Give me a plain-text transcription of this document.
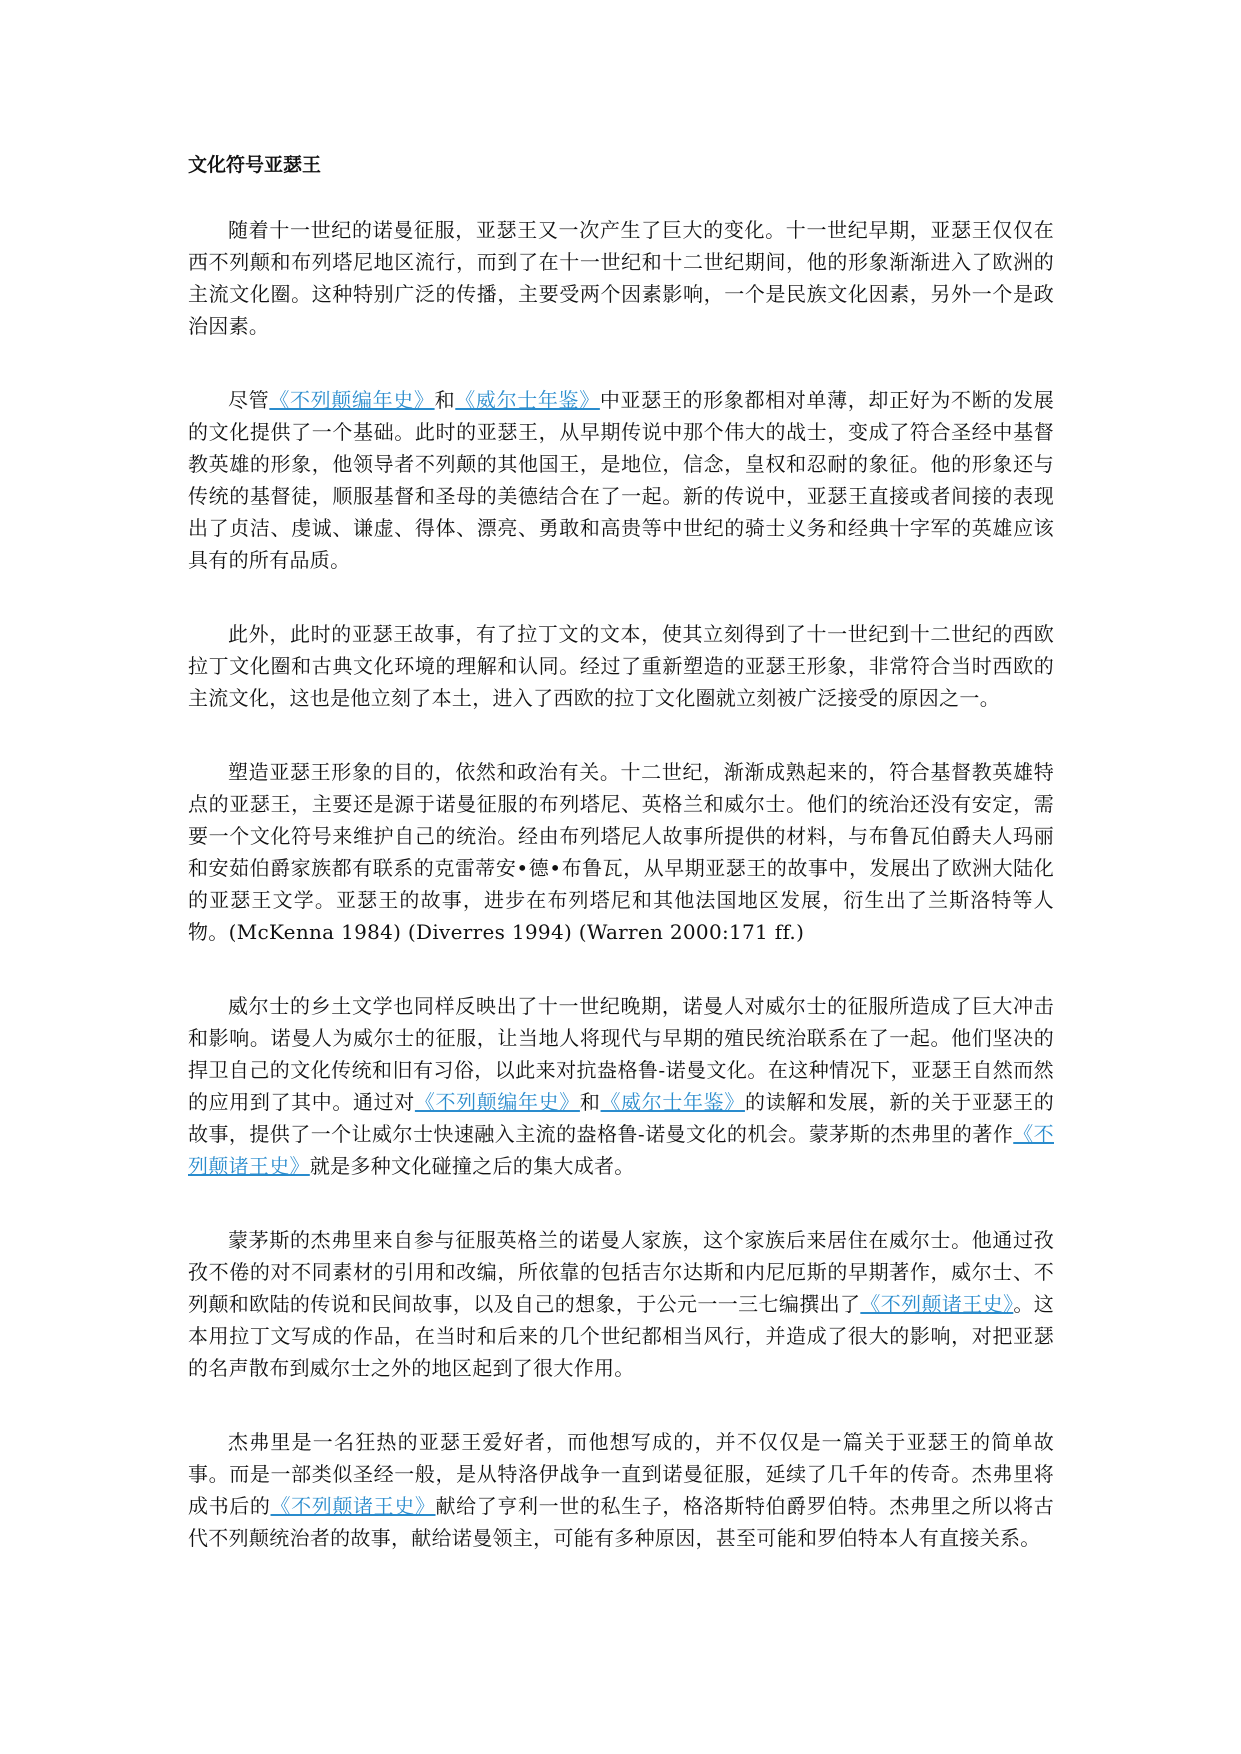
文化符号亚瑟王

随着十一世纪的诺曼征服，亚瑟王又一次产生了巨大的变化。十一世纪早期，亚瑟王仅仅在西不列颠和布列塔尼地区流行，而到了在十一世纪和十二世纪期间，他的形象渐渐进入了欧洲的主流文化圈。这种特别广泛的传播，主要受两个因素影响，一个是民族文化因素，另外一个是政治因素。

尽管《不列颠编年史》和《威尔士年鉴》中亚瑟王的形象都相对单薄，却正好为不断的发展的文化提供了一个基础。此时的亚瑟王，从早期传说中那个伟大的战士，变成了符合圣经中基督教英雄的形象，他领导者不列颠的其他国王，是地位，信念，皇权和忍耐的象征。他的形象还与传统的基督徒，顺服基督和圣母的美德结合在了一起。新的传说中，亚瑟王直接或者间接的表现出了贞洁、虔诚、谦虚、得体、漂亮、勇敢和高贵等中世纪的骑士义务和经典十字军的英雄应该具有的所有品质。

此外，此时的亚瑟王故事，有了拉丁文的文本，使其立刻得到了十一世纪到十二世纪的西欧拉丁文化圈和古典文化环境的理解和认同。经过了重新塑造的亚瑟王形象，非常符合当时西欧的主流文化，这也是他立刻了本土，进入了西欧的拉丁文化圈就立刻被广泛接受的原因之一。

塑造亚瑟王形象的目的，依然和政治有关。十二世纪，渐渐成熟起来的，符合基督教英雄特点的亚瑟王，主要还是源于诺曼征服的布列塔尼、英格兰和威尔士。他们的统治还没有安定，需要一个文化符号来维护自己的统治。经由布列塔尼人故事所提供的材料，与布鲁瓦伯爵夫人玛丽和安茹伯爵家族都有联系的克雷蒂安•德•布鲁瓦，从早期亚瑟王的故事中，发展出了欧洲大陆化的亚瑟王文学。亚瑟王的故事，进步在布列塔尼和其他法国地区发展，衍生出了兰斯洛特等人物。(McKenna 1984) (Diverres 1994) (Warren 2000:171 ff.)

威尔士的乡土文学也同样反映出了十一世纪晚期，诺曼人对威尔士的征服所造成了巨大冲击和影响。诺曼人为威尔士的征服，让当地人将现代与早期的殖民统治联系在了一起。他们坚决的捍卫自己的文化传统和旧有习俗，以此来对抗盎格鲁-诺曼文化。在这种情况下，亚瑟王自然而然的应用到了其中。通过对《不列颠编年史》和《威尔士年鉴》的读解和发展，新的关于亚瑟王的故事，提供了一个让威尔士快速融入主流的盎格鲁-诺曼文化的机会。蒙茅斯的杰弗里的著作《不列颠诸王史》就是多种文化碰撞之后的集大成者。

蒙茅斯的杰弗里来自参与征服英格兰的诺曼人家族，这个家族后来居住在威尔士。他通过孜孜不倦的对不同素材的引用和改编，所依靠的包括吉尔达斯和内尼厄斯的早期著作，威尔士、不列颠和欧陆的传说和民间故事，以及自己的想象，于公元一一三七编撰出了《不列颠诸王史》。这本用拉丁文写成的作品，在当时和后来的几个世纪都相当风行，并造成了很大的影响，对把亚瑟的名声散布到威尔士之外的地区起到了很大作用。

杰弗里是一名狂热的亚瑟王爱好者，而他想写成的，并不仅仅是一篇关于亚瑟王的简单故事。而是一部类似圣经一般，是从特洛伊战争一直到诺曼征服，延续了几千年的传奇。杰弗里将成书后的《不列颠诸王史》献给了亨利一世的私生子，格洛斯特伯爵罗伯特。杰弗里之所以将古代不列颠统治者的故事，献给诺曼领主，可能有多种原因，甚至可能和罗伯特本人有直接关系。
